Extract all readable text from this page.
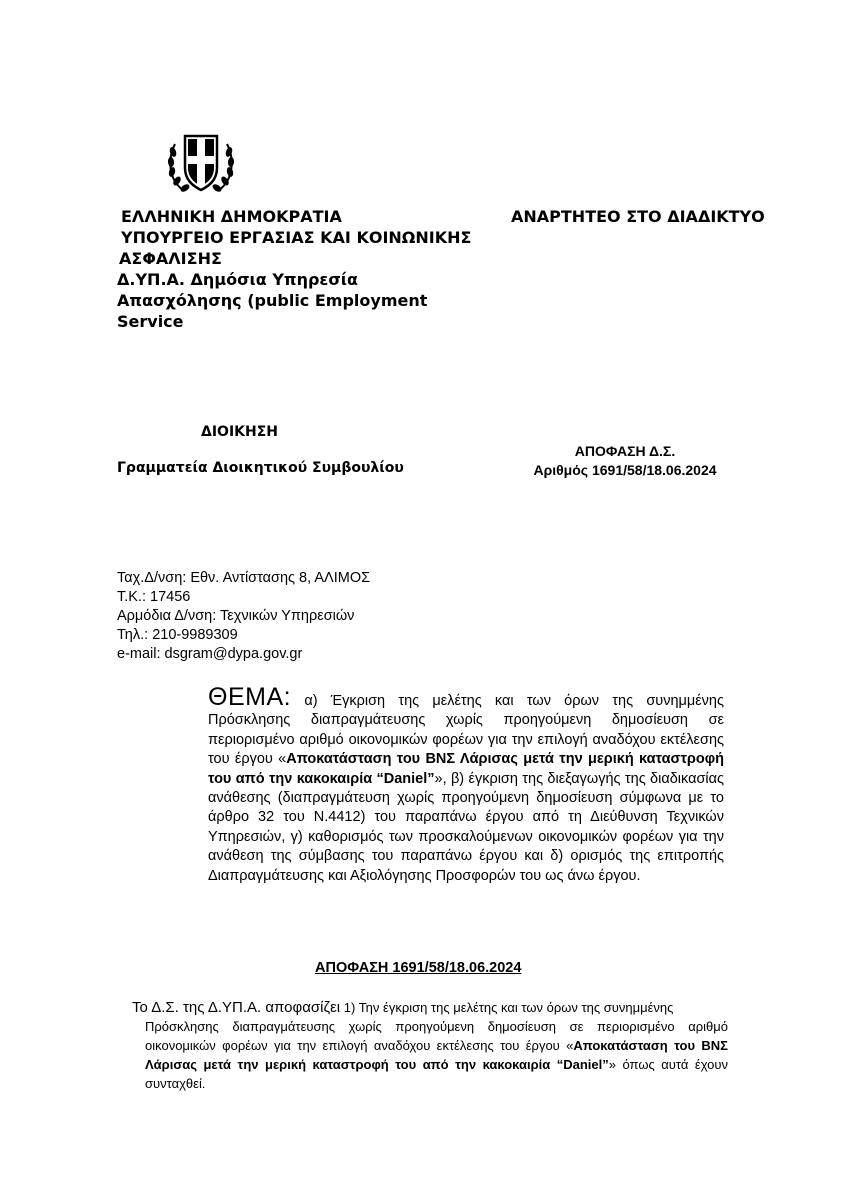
ΕΛΛΗΝΙΚΗ ΔΗΜΟΚΡΑΤΙΑ
ΥΠΟΥΡΓΕΙΟ ΕΡΓΑΣΙΑΣ ΚΑΙ ΚΟΙΝΩΝΙΚΗΣ
ΑΣΦΑΛΙΣΗΣ
Δ.ΥΠ.Α. Δημόσια Υπηρεσία
Απασχόλησης (public Employment
Service
ΑΝΑΡΤΗΤΕΟ ΣΤΟ ΔΙΑΔΙΚΤΥΟ
ΔΙΟΙΚΗΣΗ
Γραμματεία Διοικητικού Συμβουλίου
ΑΠΟΦΑΣΗ Δ.Σ.
Αριθμός 1691/58/18.06.2024
Ταχ.Δ/νση: Εθν. Αντίστασης 8, ΑΛΙΜΟΣ
Τ.Κ.: 17456
Αρμόδια Δ/νση: Τεχνικών Υπηρεσιών
Τηλ.: 210-9989309
e-mail: dsgram@dypa.gov.gr
ΘΕΜΑ: α) Έγκριση της μελέτης και των όρων της συνημμένης Πρόσκλησης διαπραγμάτευσης χωρίς προηγούμενη δημοσίευση σε περιορισμένο αριθμό οικονομικών φορέων για την επιλογή αναδόχου εκτέλεσης του έργου «Αποκατάσταση του ΒΝΣ Λάρισας μετά την μερική καταστροφή του από την κακοκαιρία “Daniel”», β) έγκριση της διεξαγωγής της διαδικασίας ανάθεσης (διαπραγμάτευση χωρίς προηγούμενη δημοσίευση σύμφωνα με το άρθρο 32 του Ν.4412) του παραπάνω έργου από τη Διεύθυνση Τεχνικών Υπηρεσιών, γ) καθορισμός των προσκαλούμενων οικονομικών φορέων για την ανάθεση της σύμβασης του παραπάνω έργου και δ) ορισμός της επιτροπής Διαπραγμάτευσης και Αξιολόγησης Προσφορών του ως άνω έργου.
ΑΠΟΦΑΣΗ 1691/58/18.06.2024
Το Δ.Σ. της Δ.ΥΠ.Α. αποφασίζει 1) Την έγκριση της μελέτης και των όρων της συνημμένης
Πρόσκλησης διαπραγμάτευσης χωρίς προηγούμενη δημοσίευση σε περιορισμένο αριθμό οικονομικών φορέων για την επιλογή αναδόχου εκτέλεσης του έργου «Αποκατάσταση του ΒΝΣ Λάρισας μετά την μερική καταστροφή του από την κακοκαιρία “Daniel”» όπως αυτά έχουν συνταχθεί.
